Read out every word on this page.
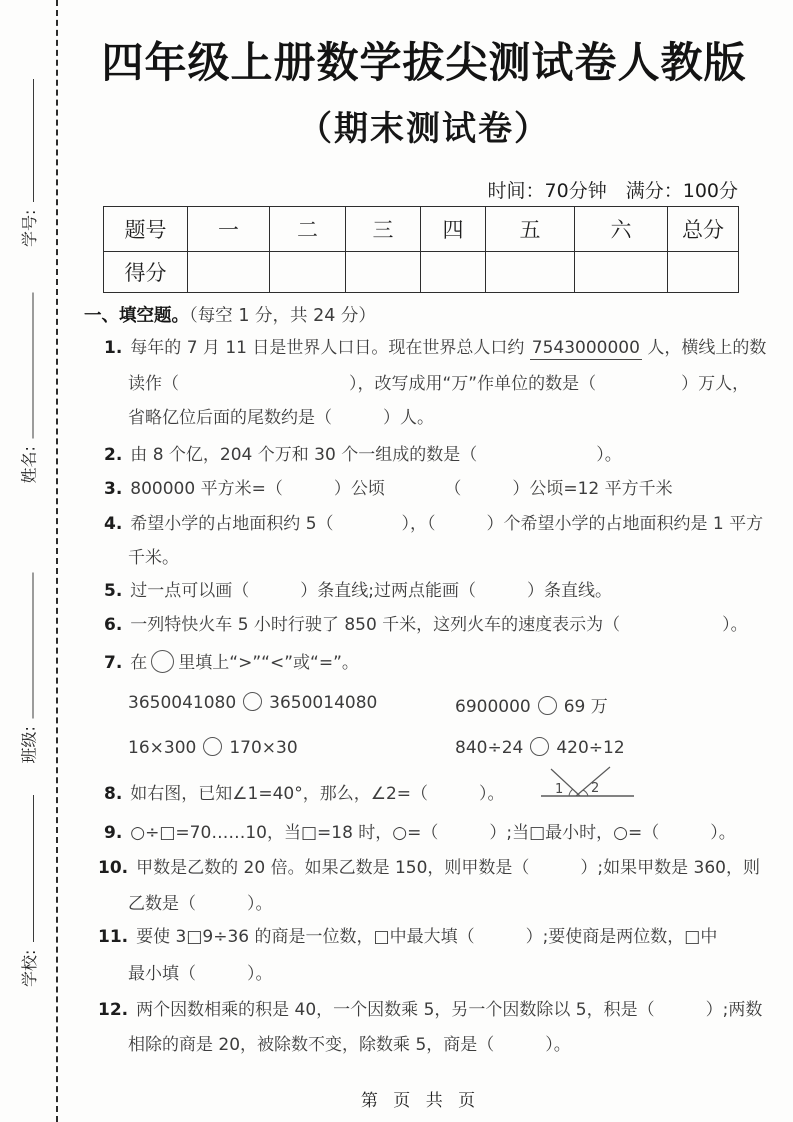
学号:
姓名:
班级:
学校:
四年级上册数学拔尖测试卷人教版
（期末测试卷）
时间：70分钟　满分：100分
题号	一	二	三	四	五	六	总分
得分							
一、填空题。（每空 1 分，共 24 分）
1. 每年的 7 月 11 日是世界人口日。现在世界总人口约 7543000000 人，横线上的数
读作（　　　　　　　　　　），改写成用“万”作单位的数是（　　　　　）万人，
省略亿位后面的尾数约是（　　　）人。
2. 由 8 个亿，204 个万和 30 个一组成的数是（　　　　　　　）。
3. 800000 平方米=（　　　）公顷　　　　（　　　）公顷=12 平方千米
4. 希望小学的占地面积约 5（　　　　），（　　　）个希望小学的占地面积约是 1 平方
千米。
5. 过一点可以画（　　　）条直线;过两点能画（　　　）条直线。
6. 一列特快火车 5 小时行驶了 850 千米，这列火车的速度表示为（　　　　　　）。
7. 在 里填上“>”“<”或“=”。
3650041080 3650014080	6900000 69 万
16×300 170×30	840÷24 420÷12
8. 如右图，已知∠1=40°，那么，∠2=（　　　）。	1 2
9. ○÷□=70……10，当□=18 时，○=（　　　）;当□最小时，○=（　　　）。
10. 甲数是乙数的 20 倍。如果乙数是 150，则甲数是（　　　）;如果甲数是 360，则
乙数是（　　　）。
11. 要使 3□9÷36 的商是一位数，□中最大填（　　　）;要使商是两位数，□中
最小填（　　　）。
12. 两个因数相乘的积是 40，一个因数乘 5，另一个因数除以 5，积是（　　　）;两数
相除的商是 20，被除数不变，除数乘 5，商是（　　　）。
第 页 共 页
